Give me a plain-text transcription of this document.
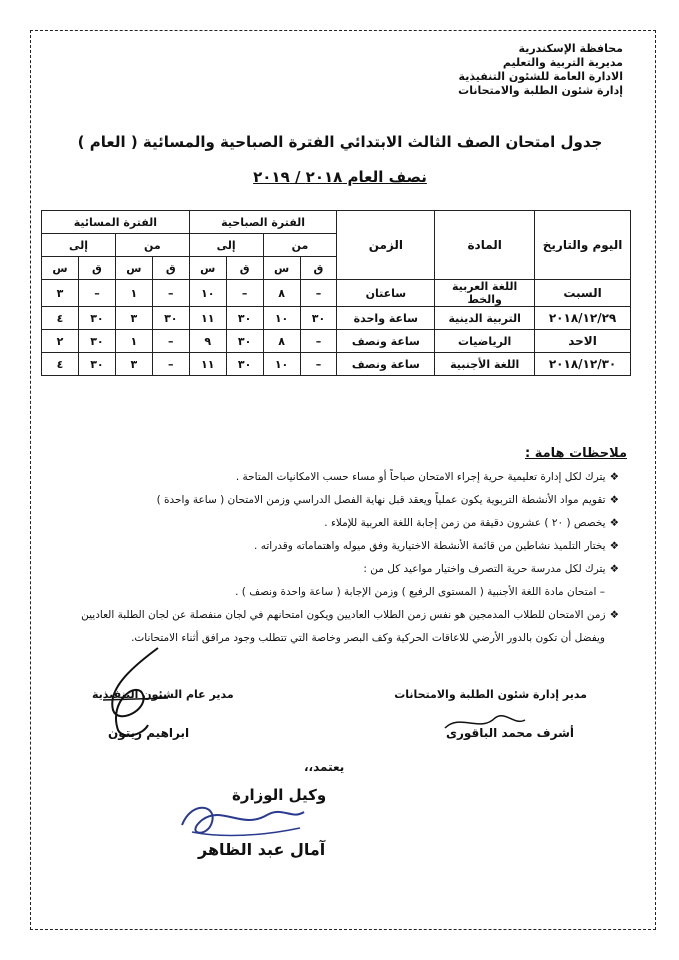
محافظة الإسكندرية
مديرية التربية والتعليم
الادارة العامة للشئون التنفيذية
إدارة شئون الطلبة والامتحانات
جدول امتحان الصف الثالث الابتدائي الفترة الصباحية والمسائية ( العام )
نصف العام ٢٠١٨ / ٢٠١٩
اليوم والتاريخ	المادة	الزمن	الفترة الصباحية				الفترة المسائية			
			من		إلى		من		إلى	
			ق	س	ق	س	ق	س	ق	س
السبت	اللغة العربية والخط	ساعتان	–	٨	–	١٠	–	١	–	٣
٢٠١٨/١٢/٢٩	التربية الدينية	ساعة واحدة	٣٠	١٠	٣٠	١١	٣٠	٣	٣٠	٤
الاحد	الرياضيات	ساعة ونصف	–	٨	٣٠	٩	–	١	٣٠	٢
٢٠١٨/١٢/٣٠	اللغة الأجنبية	ساعة ونصف	–	١٠	٣٠	١١	–	٣	٣٠	٤
ملاحظات هامة :
❖يترك لكل إدارة تعليمية حرية إجراء الامتحان صباحاً أو مساء حسب الامكانيات المتاحة .
❖تقويم مواد الأنشطة التربوية يكون عملياً ويعقد قبل نهاية الفصل الدراسي وزمن الامتحان ( ساعة واحدة )
❖يخصص ( ٢٠ ) عشرون دقيقة من زمن إجابة اللغة العربية للإملاء .
❖يختار التلميذ نشاطين من قائمة الأنشطة الاختيارية وفق ميوله واهتماماته وقدراته .
❖يترك لكل مدرسة حرية التصرف واختيار مواعيد كل من :
– امتحان مادة اللغة الأجنبية ( المستوى الرفيع ) وزمن الإجابة ( ساعة واحدة ونصف ) .
❖زمن الامتحان للطلاب المدمجين هو نفس زمن الطلاب العاديين ويكون امتحانهم في لجان منفصلة عن لجان الطلبة العاديين
ويفضل أن تكون بالدور الأرضي للاعاقات الحركية وكف البصر وخاصة التي تتطلب وجود مرافق أثناء الامتحانات.
مدير إدارة شئون الطلبة والامتحانات
أشرف محمد الباقورى
مدير عام الشئون التنفيذية
ابراهيم زيتون
يعتمد،،
وكيل الوزارة
آمال عبد الظاهر
